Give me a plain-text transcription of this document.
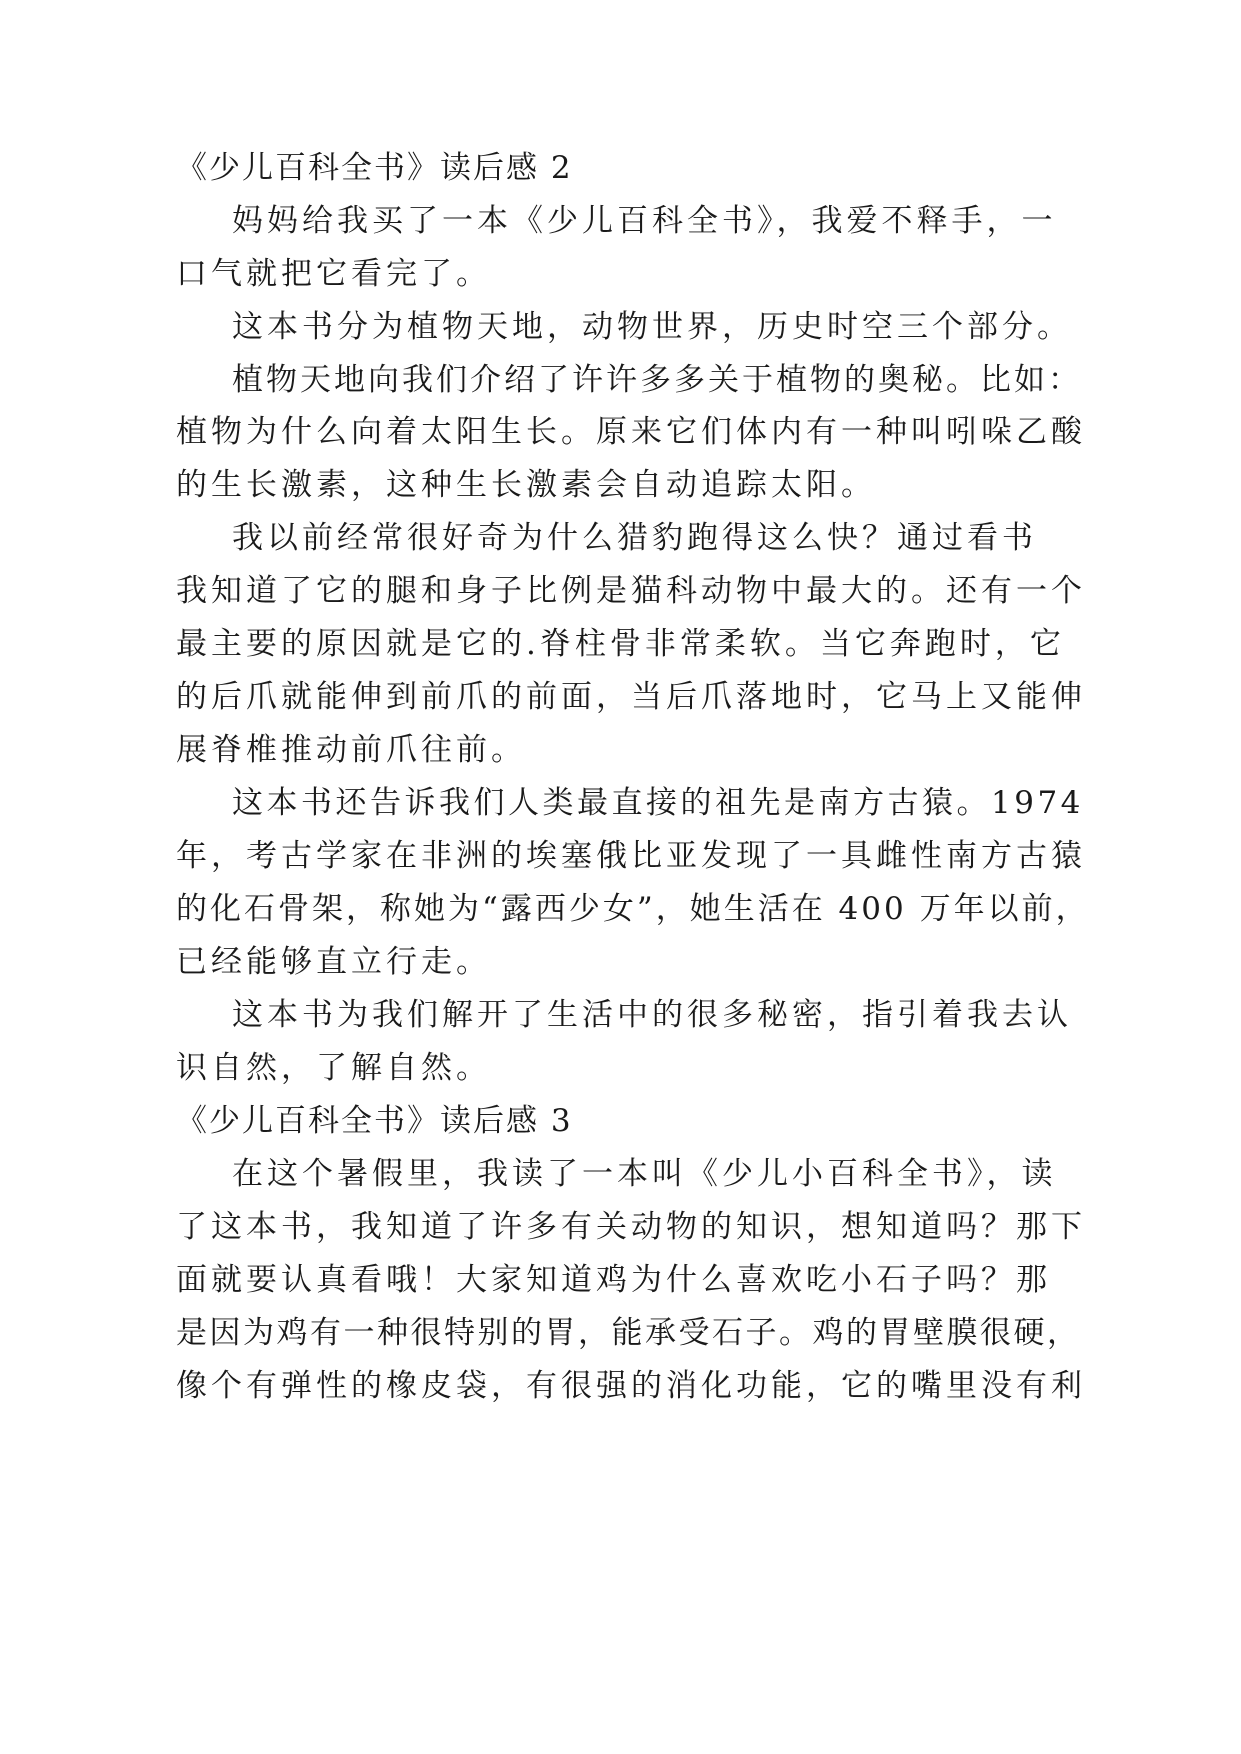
《少儿百科全书》读后感 2
妈妈给我买了一本《少儿百科全书》，我爱不释手，一
口气就把它看完了。
这本书分为植物天地，动物世界，历史时空三个部分。
植物天地向我们介绍了许许多多关于植物的奥秘。比如：
植物为什么向着太阳生长。原来它们体内有一种叫吲哚乙酸
的生长激素，这种生长激素会自动追踪太阳。
我以前经常很好奇为什么猎豹跑得这么快？通过看书
我知道了它的腿和身子比例是猫科动物中最大的。还有一个
最主要的原因就是它的.脊柱骨非常柔软。当它奔跑时，它
的后爪就能伸到前爪的前面，当后爪落地时，它马上又能伸
展脊椎推动前爪往前。
这本书还告诉我们人类最直接的祖先是南方古猿。1974
年，考古学家在非洲的埃塞俄比亚发现了一具雌性南方古猿
的化石骨架，称她为“露西少女”，她生活在 400 万年以前，
已经能够直立行走。
这本书为我们解开了生活中的很多秘密，指引着我去认
识自然，了解自然。
《少儿百科全书》读后感 3
在这个暑假里，我读了一本叫《少儿小百科全书》，读
了这本书，我知道了许多有关动物的知识，想知道吗？那下
面就要认真看哦！大家知道鸡为什么喜欢吃小石子吗？那
是因为鸡有一种很特别的胃，能承受石子。鸡的胃壁膜很硬，
像个有弹性的橡皮袋，有很强的消化功能，它的嘴里没有利
